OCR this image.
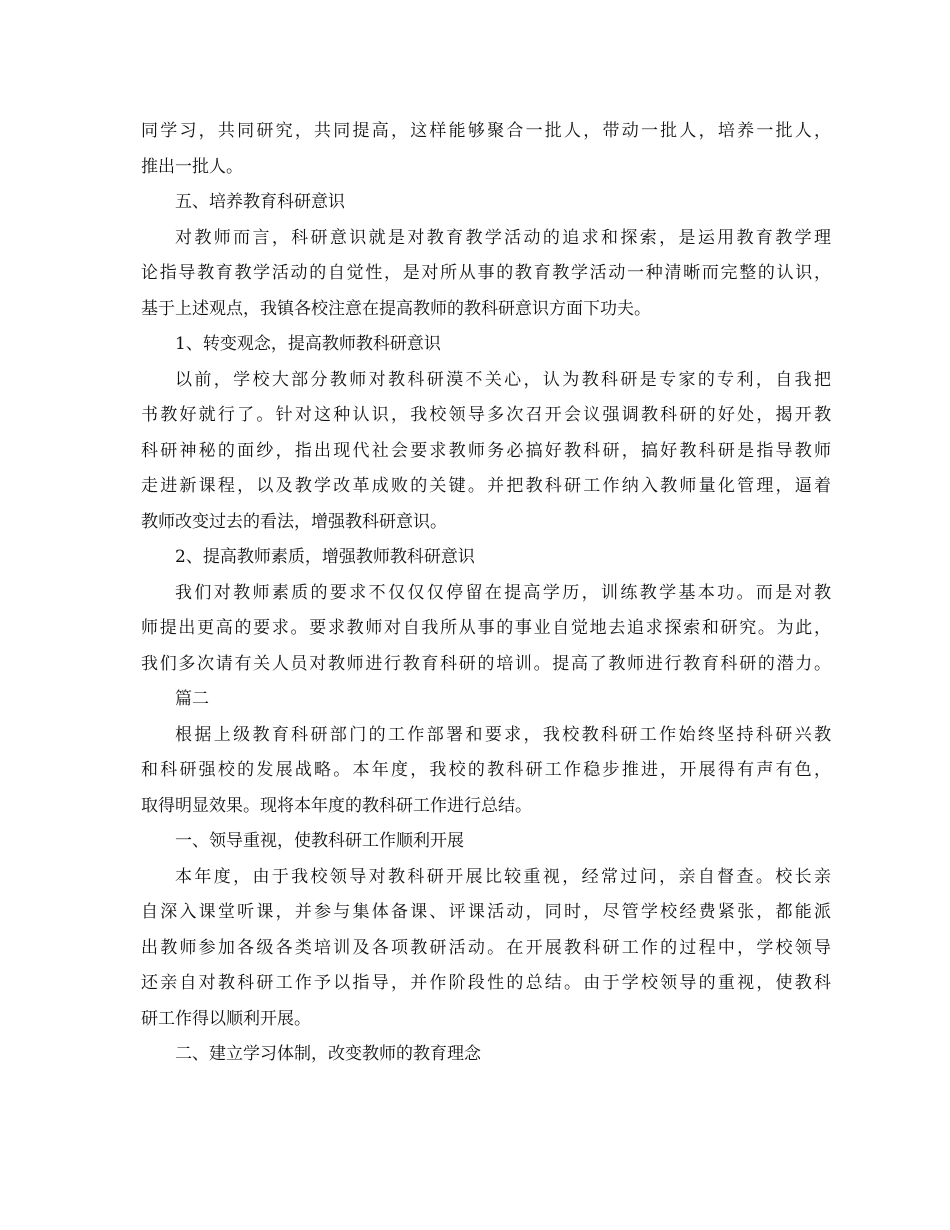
同学习，共同研究，共同提高，这样能够聚合一批人，带动一批人，培养一批人，
推出一批人。
五、培养教育科研意识
对教师而言，科研意识就是对教育教学活动的追求和探索，是运用教育教学理
论指导教育教学活动的自觉性，是对所从事的教育教学活动一种清晰而完整的认识，
基于上述观点，我镇各校注意在提高教师的教科研意识方面下功夫。
1、转变观念，提高教师教科研意识
以前，学校大部分教师对教科研漠不关心，认为教科研是专家的专利，自我把
书教好就行了。针对这种认识，我校领导多次召开会议强调教科研的好处，揭开教
科研神秘的面纱，指出现代社会要求教师务必搞好教科研，搞好教科研是指导教师
走进新课程，以及教学改革成败的关键。并把教科研工作纳入教师量化管理，逼着
教师改变过去的看法，增强教科研意识。
2、提高教师素质，增强教师教科研意识
我们对教师素质的要求不仅仅仅停留在提高学历，训练教学基本功。而是对教
师提出更高的要求。要求教师对自我所从事的事业自觉地去追求探索和研究。为此，
我们多次请有关人员对教师进行教育科研的培训。提高了教师进行教育科研的潜力。
篇二
根据上级教育科研部门的工作部署和要求，我校教科研工作始终坚持科研兴教
和科研强校的发展战略。本年度，我校的教科研工作稳步推进，开展得有声有色，
取得明显效果。现将本年度的教科研工作进行总结。
一、领导重视，使教科研工作顺利开展
本年度，由于我校领导对教科研开展比较重视，经常过问，亲自督查。校长亲
自深入课堂听课，并参与集体备课、评课活动，同时，尽管学校经费紧张，都能派
出教师参加各级各类培训及各项教研活动。在开展教科研工作的过程中，学校领导
还亲自对教科研工作予以指导，并作阶段性的总结。由于学校领导的重视，使教科
研工作得以顺利开展。
二、建立学习体制，改变教师的教育理念
